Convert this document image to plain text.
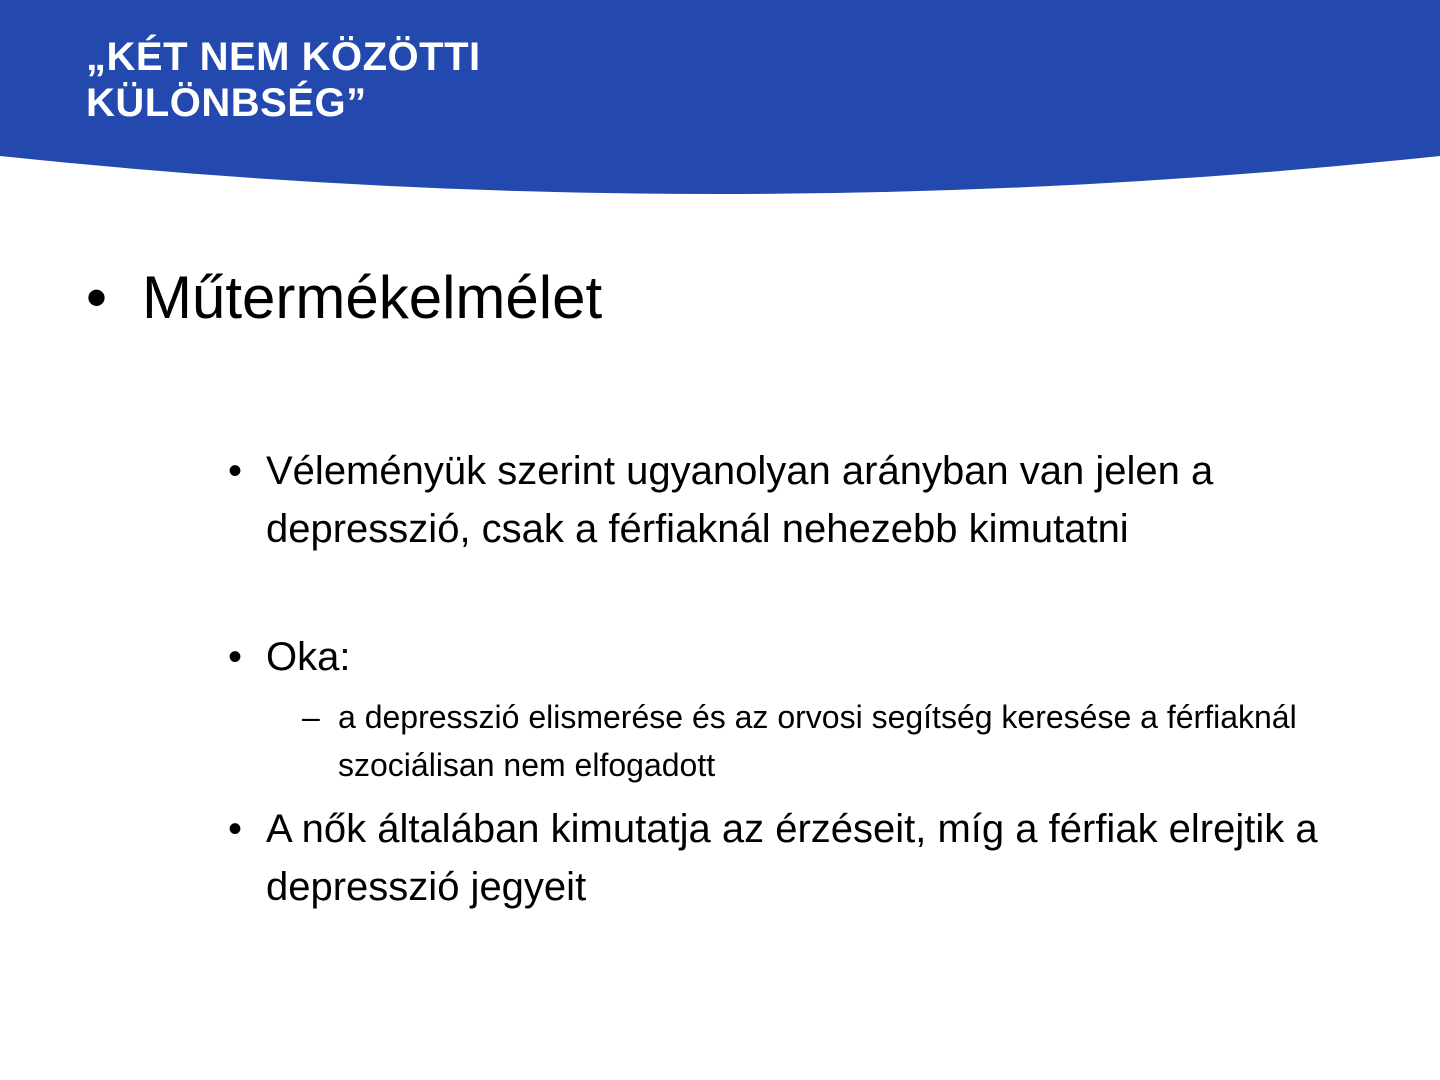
„KÉT NEM KÖZÖTTI
KÜLÖNBSÉG”
• Műtermékelmélet
• Véleményük szerint ugyanolyan arányban van jelen a depresszió, csak a férfiaknál nehezebb kimutatni
• Oka:
– a depresszió elismerése és az orvosi segítség keresése a férfiaknál szociálisan nem elfogadott
• A nők általában kimutatja az érzéseit, míg a férfiak elrejtik a depresszió jegyeit
